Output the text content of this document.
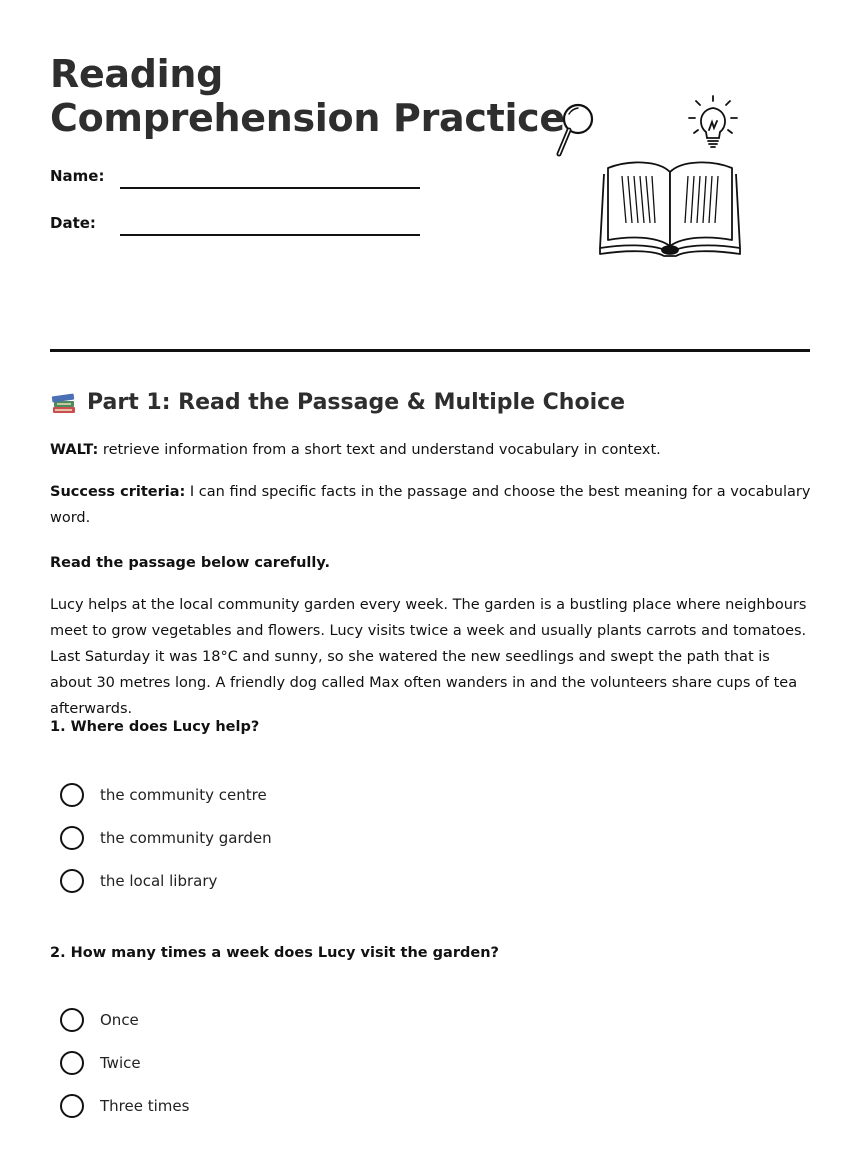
Reading
Comprehension Practice
Name:
Date:
Part 1: Read the Passage & Multiple Choice

WALT: retrieve information from a short text and understand vocabulary in context.

Success criteria: I can find specific facts in the passage and choose the best meaning for a vocabulary word.

Read the passage below carefully.

Lucy helps at the local community garden every week. The garden is a bustling place where neighbours meet to grow vegetables and flowers. Lucy visits twice a week and usually plants carrots and tomatoes. Last Saturday it was 18°C and sunny, so she watered the new seedlings and swept the path that is about 30 metres long. A friendly dog called Max often wanders in and the volunteers share cups of tea afterwards.

1. Where does Lucy help?

the community centre
the community garden
the local library

2. How many times a week does Lucy visit the garden?

Once
Twice
Three times
